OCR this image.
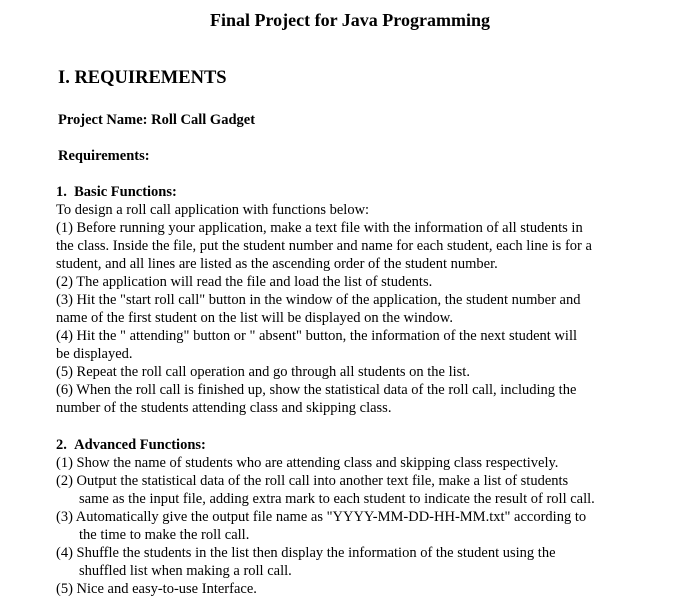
Final Project for Java Programming
I. REQUIREMENTS
Project Name: Roll Call Gadget
Requirements:

1.  Basic Functions:

To design a roll call application with functions below:

(1) Before running your application, make a text file with the information of all students in

the class. Inside the file, put the student number and name for each student, each line is for a

student, and all lines are listed as the ascending order of the student number.

(2) The application will read the file and load the list of students.

(3) Hit the "start roll call" button in the window of the application, the student number and

name of the first student on the list will be displayed on the window.

(4) Hit the " attending" button or " absent" button, the information of the next student will

be displayed.

(5) Repeat the roll call operation and go through all students on the list.

(6) When the roll call is finished up, show the statistical data of the roll call, including the

number of the students attending class and skipping class.

2.  Advanced Functions:

(1) Show the name of students who are attending class and skipping class respectively.

(2) Output the statistical data of the roll call into another text file, make a list of students

same as the input file, adding extra mark to each student to indicate the result of roll call.

(3) Automatically give the output file name as "YYYY-MM-DD-HH-MM.txt" according to

the time to make the roll call.

(4) Shuffle the students in the list then display the information of the student using the

shuffled list when making a roll call.

(5) Nice and easy-to-use Interface.
